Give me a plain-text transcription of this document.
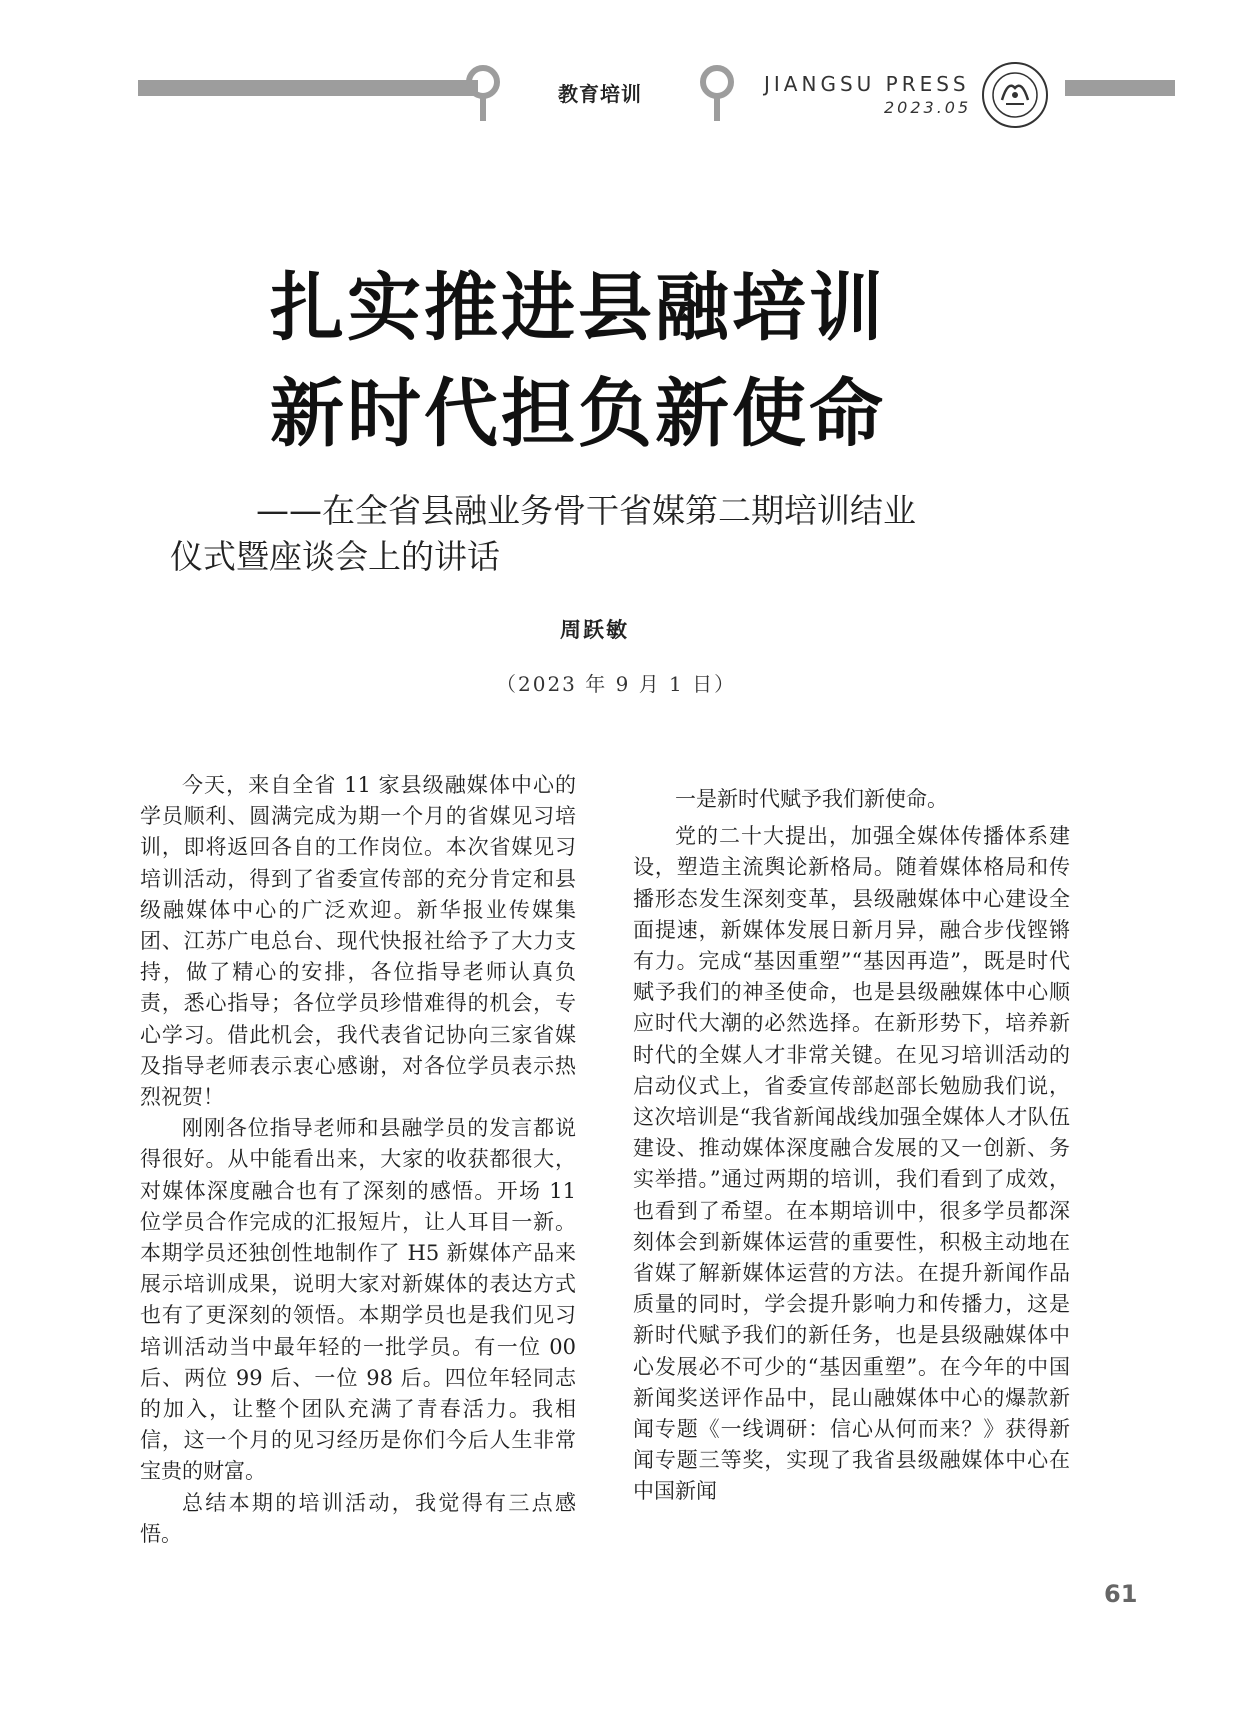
教育培训	JIANGSU PRESS
2023.05
扎实推进县融培训
新时代担负新使命
——在全省县融业务骨干省媒第二期培训结业
仪式暨座谈会上的讲话
周跃敏
（2023 年 9 月 1 日）

今天，来自全省 11 家县级融媒体中心的学员顺利、圆满完成为期一个月的省媒见习培训，即将返回各自的工作岗位。本次省媒见习培训活动，得到了省委宣传部的充分肯定和县级融媒体中心的广泛欢迎。新华报业传媒集团、江苏广电总台、现代快报社给予了大力支持，做了精心的安排，各位指导老师认真负责，悉心指导；各位学员珍惜难得的机会，专心学习。借此机会，我代表省记协向三家省媒及指导老师表示衷心感谢，对各位学员表示热烈祝贺！

刚刚各位指导老师和县融学员的发言都说得很好。从中能看出来，大家的收获都很大，对媒体深度融合也有了深刻的感悟。开场 11 位学员合作完成的汇报短片，让人耳目一新。本期学员还独创性地制作了 H5 新媒体产品来展示培训成果，说明大家对新媒体的表达方式也有了更深刻的领悟。本期学员也是我们见习培训活动当中最年轻的一批学员。有一位 00 后、两位 99 后、一位 98 后。四位年轻同志的加入，让整个团队充满了青春活力。我相信，这一个月的见习经历是你们今后人生非常宝贵的财富。

总结本期的培训活动，我觉得有三点感悟。

一是新时代赋予我们新使命。

党的二十大提出，加强全媒体传播体系建设，塑造主流舆论新格局。随着媒体格局和传播形态发生深刻变革，县级融媒体中心建设全面提速，新媒体发展日新月异，融合步伐铿锵有力。完成“基因重塑”“基因再造”，既是时代赋予我们的神圣使命，也是县级融媒体中心顺应时代大潮的必然选择。在新形势下，培养新时代的全媒人才非常关键。在见习培训活动的启动仪式上，省委宣传部赵部长勉励我们说，这次培训是“我省新闻战线加强全媒体人才队伍建设、推动媒体深度融合发展的又一创新、务实举措。”通过两期的培训，我们看到了成效，也看到了希望。在本期培训中，很多学员都深刻体会到新媒体运营的重要性，积极主动地在省媒了解新媒体运营的方法。在提升新闻作品质量的同时，学会提升影响力和传播力，这是新时代赋予我们的新任务，也是县级融媒体中心发展必不可少的“基因重塑”。在今年的中国新闻奖送评作品中，昆山融媒体中心的爆款新闻专题《一线调研：信心从何而来？》获得新闻专题三等奖，实现了我省县级融媒体中心在中国新闻

61
